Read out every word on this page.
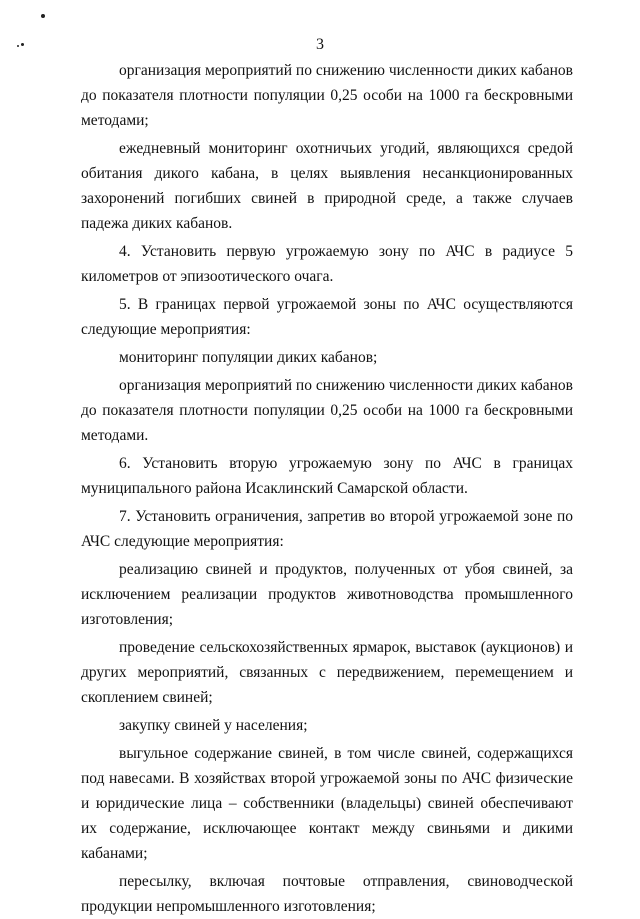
3

организация мероприятий по снижению численности диких кабанов до показателя плотности популяции 0,25 особи на 1000 га бескровными методами;

ежедневный мониторинг охотничьих угодий, являющихся средой обитания дикого кабана, в целях выявления несанкционированных захоронений погибших свиней в природной среде, а также случаев падежа диких кабанов.

4. Установить первую угрожаемую зону по АЧС в радиусе 5 километров от эпизоотического очага.

5. В границах первой угрожаемой зоны по АЧС осуществляются следующие мероприятия:

мониторинг популяции диких кабанов;

организация мероприятий по снижению численности диких кабанов до показателя плотности популяции 0,25 особи на 1000 га бескровными методами.

6. Установить вторую угрожаемую зону по АЧС в границах муниципального района Исаклинский Самарской области.

7. Установить ограничения, запретив во второй угрожаемой зоне по АЧС следующие мероприятия:

реализацию свиней и продуктов, полученных от убоя свиней, за исключением реализации продуктов животноводства промышленного изготовления;

проведение сельскохозяйственных ярмарок, выставок (аукционов) и других мероприятий, связанных с передвижением, перемещением и скоплением свиней;

закупку свиней у населения;

выгульное содержание свиней, в том числе свиней, содержащихся под навесами. В хозяйствах второй угрожаемой зоны по АЧС физические и юридические лица – собственники (владельцы) свиней обеспечивают их содержание, исключающее контакт между свиньями и дикими кабанами;

пересылку, включая почтовые отправления, свиноводческой продукции непромышленного изготовления;
